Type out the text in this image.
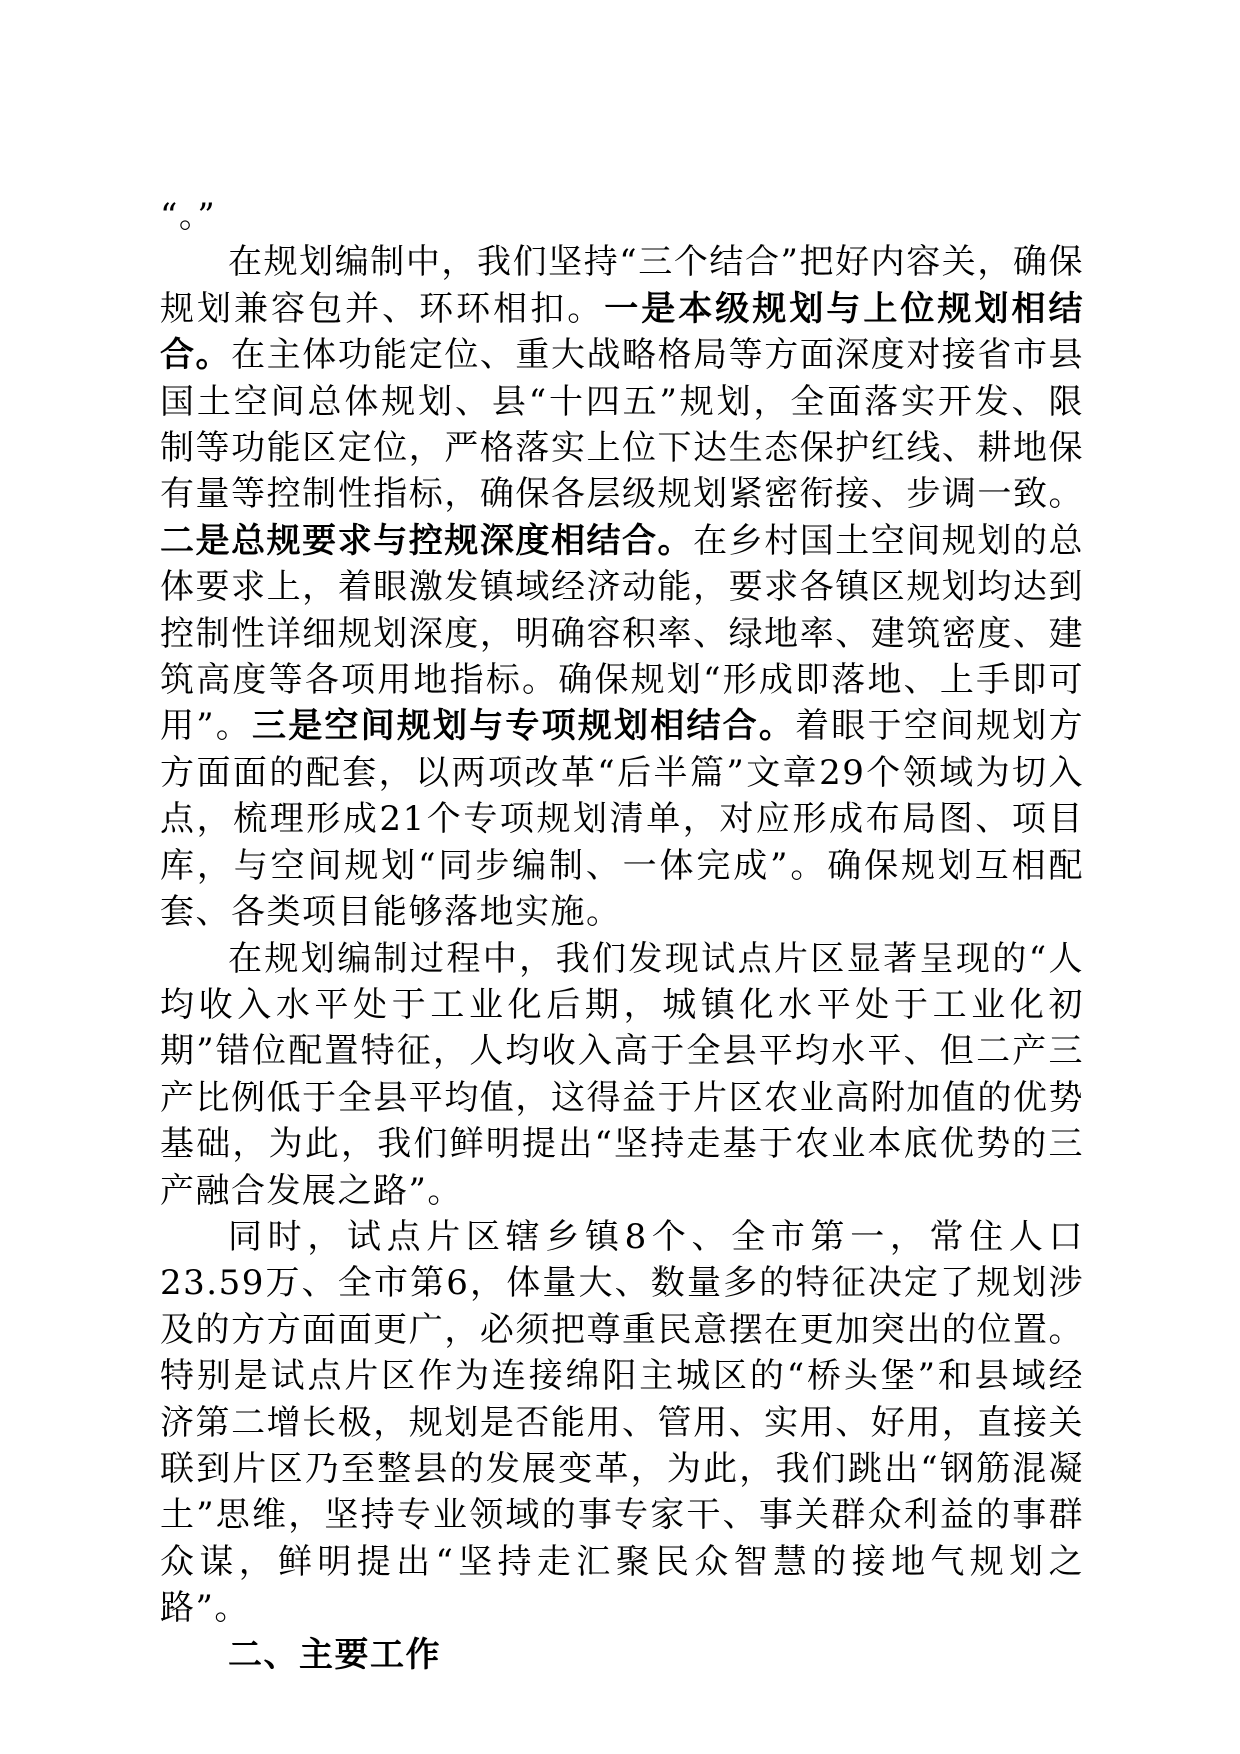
“。”

在规划编制中，我们坚持“三个结合”把好内容关，确保规划兼容包并、环环相扣。一是本级规划与上位规划相结合。在主体功能定位、重大战略格局等方面深度对接省市县国土空间总体规划、县“十四五”规划，全面落实开发、限制等功能区定位，严格落实上位下达生态保护红线、耕地保有量等控制性指标，确保各层级规划紧密衔接、步调一致。二是总规要求与控规深度相结合。在乡村国土空间规划的总体要求上，着眼激发镇域经济动能，要求各镇区规划均达到控制性详细规划深度，明确容积率、绿地率、建筑密度、建筑高度等各项用地指标。确保规划“形成即落地、上手即可用”。三是空间规划与专项规划相结合。着眼于空间规划方方面面的配套，以两项改革“后半篇”文章29个领域为切入点，梳理形成21个专项规划清单，对应形成布局图、项目库，与空间规划“同步编制、一体完成”。确保规划互相配套、各类项目能够落地实施。

在规划编制过程中，我们发现试点片区显著呈现的“人均收入水平处于工业化后期，城镇化水平处于工业化初期”错位配置特征，人均收入高于全县平均水平、但二产三产比例低于全县平均值，这得益于片区农业高附加值的优势基础，为此，我们鲜明提出“坚持走基于农业本底优势的三产融合发展之路”。

同时，试点片区辖乡镇8个、全市第一，常住人口23.59万、全市第6，体量大、数量多的特征决定了规划涉及的方方面面更广，必须把尊重民意摆在更加突出的位置。特别是试点片区作为连接绵阳主城区的“桥头堡”和县域经济第二增长极，规划是否能用、管用、实用、好用，直接关联到片区乃至整县的发展变革，为此，我们跳出“钢筋混凝土”思维，坚持专业领域的事专家干、事关群众利益的事群众谋，鲜明提出“坚持走汇聚民众智慧的接地气规划之路”。

二、主要工作
